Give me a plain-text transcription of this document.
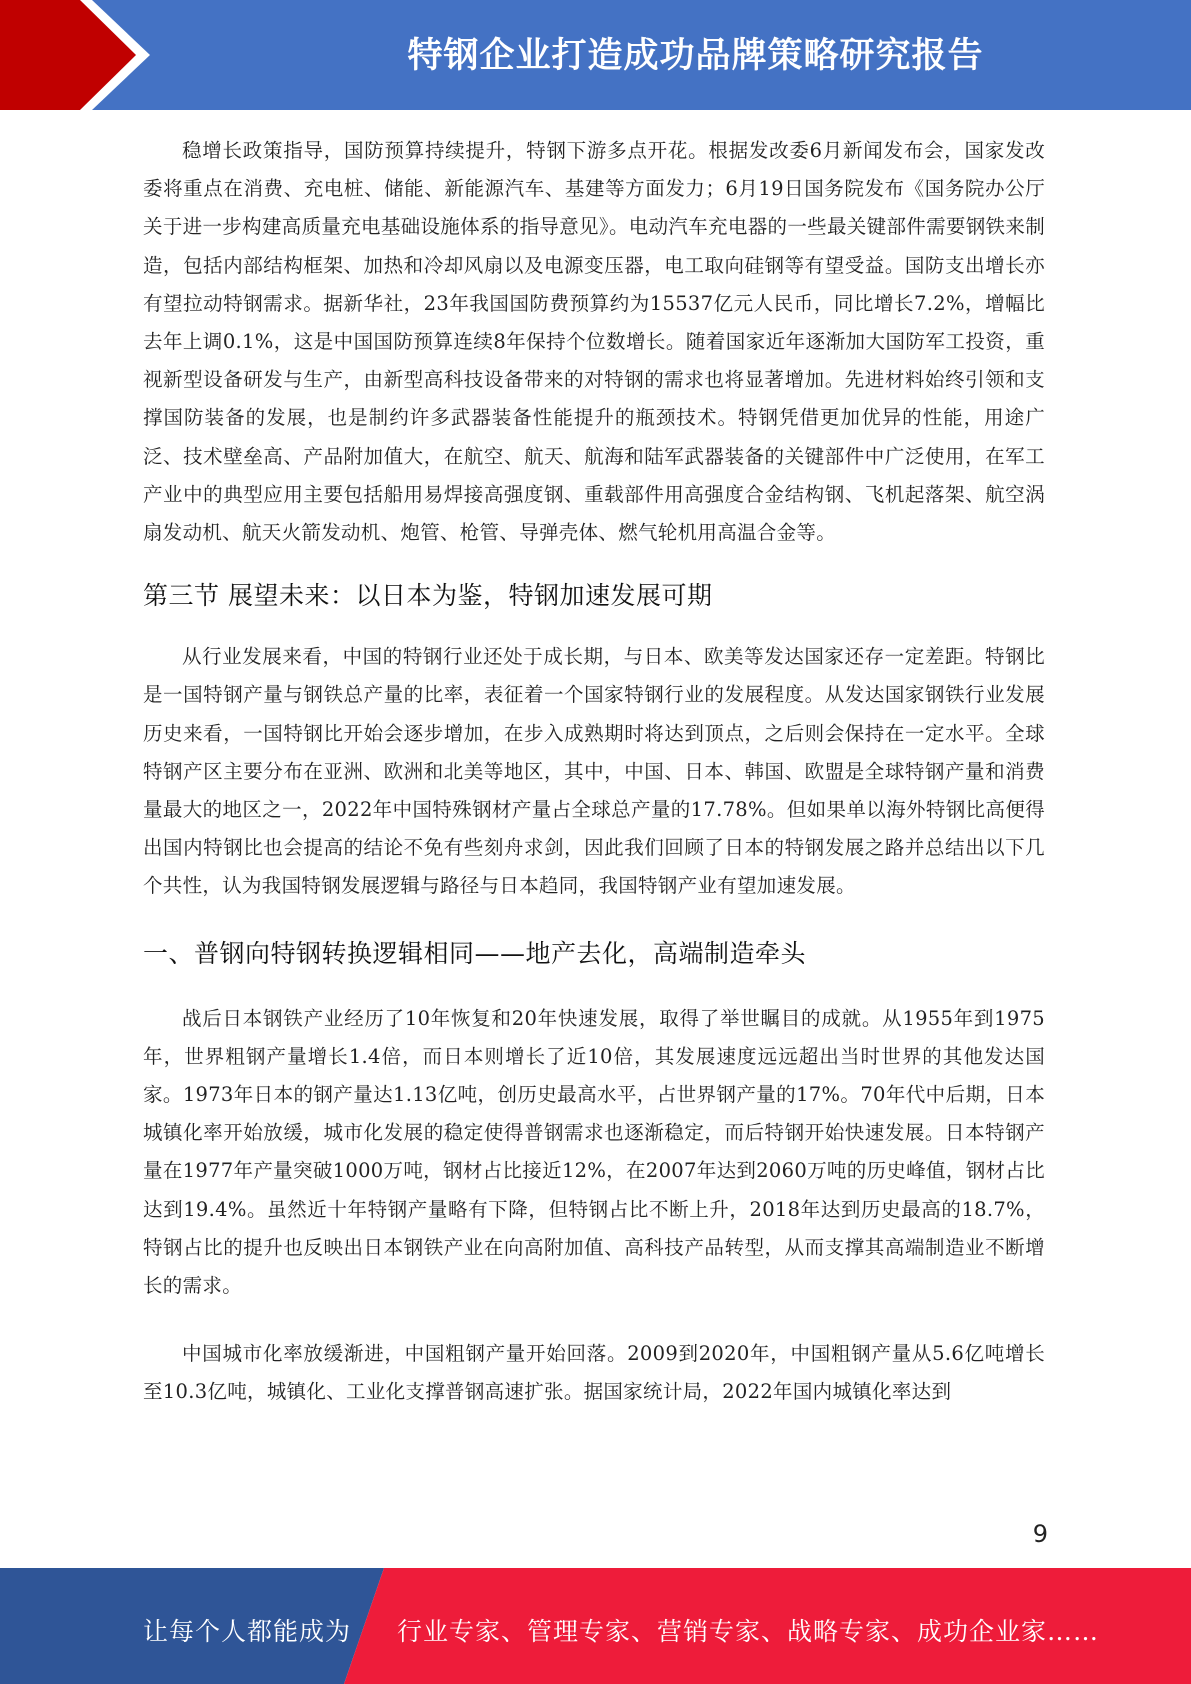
特钢企业打造成功品牌策略研究报告

稳增长政策指导，国防预算持续提升，特钢下游多点开花。根据发改委6月新闻发布会，国家发改委将重点在消费、充电桩、储能、新能源汽车、基建等方面发力；6月19日国务院发布《国务院办公厅关于进一步构建高质量充电基础设施体系的指导意见》。电动汽车充电器的一些最关键部件需要钢铁来制造，包括内部结构框架、加热和冷却风扇以及电源变压器，电工取向硅钢等有望受益。国防支出增长亦有望拉动特钢需求。据新华社，23年我国国防费预算约为15537亿元人民币，同比增长7.2%，增幅比去年上调0.1%，这是中国国防预算连续8年保持个位数增长。随着国家近年逐渐加大国防军工投资，重视新型设备研发与生产，由新型高科技设备带来的对特钢的需求也将显著增加。先进材料始终引领和支撑国防装备的发展，也是制约许多武器装备性能提升的瓶颈技术。特钢凭借更加优异的性能，用途广泛、技术壁垒高、产品附加值大，在航空、航天、航海和陆军武器装备的关键部件中广泛使用，在军工产业中的典型应用主要包括船用易焊接高强度钢、重载部件用高强度合金结构钢、飞机起落架、航空涡扇发动机、航天火箭发动机、炮管、枪管、导弹壳体、燃气轮机用高温合金等。

第三节 展望未来：以日本为鉴，特钢加速发展可期

从行业发展来看，中国的特钢行业还处于成长期，与日本、欧美等发达国家还存一定差距。特钢比是一国特钢产量与钢铁总产量的比率，表征着一个国家特钢行业的发展程度。从发达国家钢铁行业发展历史来看，一国特钢比开始会逐步增加，在步入成熟期时将达到顶点，之后则会保持在一定水平。全球特钢产区主要分布在亚洲、欧洲和北美等地区，其中，中国、日本、韩国、欧盟是全球特钢产量和消费量最大的地区之一，2022年中国特殊钢材产量占全球总产量的17.78%。但如果单以海外特钢比高便得出国内特钢比也会提高的结论不免有些刻舟求剑，因此我们回顾了日本的特钢发展之路并总结出以下几个共性，认为我国特钢发展逻辑与路径与日本趋同，我国特钢产业有望加速发展。

一、普钢向特钢转换逻辑相同——地产去化，高端制造牵头

战后日本钢铁产业经历了10年恢复和20年快速发展，取得了举世瞩目的成就。从1955年到1975年，世界粗钢产量增长1.4倍，而日本则增长了近10倍，其发展速度远远超出当时世界的其他发达国家。1973年日本的钢产量达1.13亿吨，创历史最高水平，占世界钢产量的17%。70年代中后期，日本城镇化率开始放缓，城市化发展的稳定使得普钢需求也逐渐稳定，而后特钢开始快速发展。日本特钢产量在1977年产量突破1000万吨，钢材占比接近12%，在2007年达到2060万吨的历史峰值，钢材占比达到19.4%。虽然近十年特钢产量略有下降，但特钢占比不断上升，2018年达到历史最高的18.7%，特钢占比的提升也反映出日本钢铁产业在向高附加值、高科技产品转型，从而支撑其高端制造业不断增长的需求。

中国城市化率放缓渐进，中国粗钢产量开始回落。2009到2020年，中国粗钢产量从5.6亿吨增长至10.3亿吨，城镇化、工业化支撑普钢高速扩张。据国家统计局，2022年国内城镇化率达到

9
让每个人都能成为 行业专家、管理专家、营销专家、战略专家、成功企业家……
